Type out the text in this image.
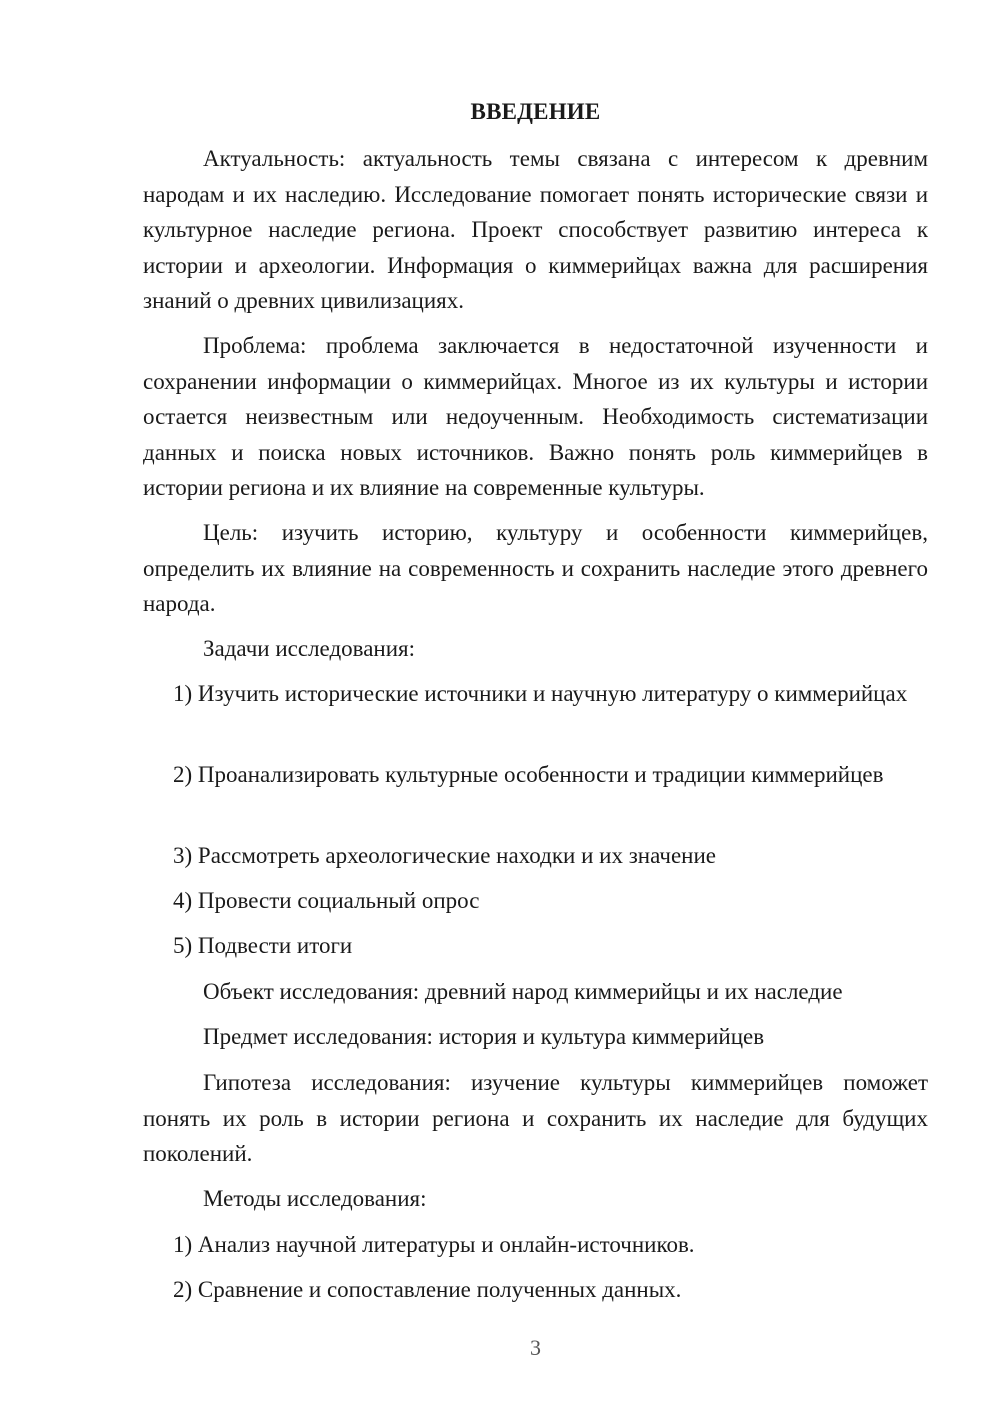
ВВЕДЕНИЕ

Актуальность: актуальность темы связана с интересом к древним народам и их наследию. Исследование помогает понять исторические связи и культурное наследие региона. Проект способствует развитию интереса к истории и археологии. Информация о киммерийцах важна для расширения знаний о древних цивилизациях.

Проблема: проблема заключается в недостаточной изученности и сохранении информации о киммерийцах. Многое из их культуры и истории остается неизвестным или недоученным. Необходимость систематизации данных и поиска новых источников. Важно понять роль киммерийцев в истории региона и их влияние на современные культуры.

Цель: изучить историю, культуру и особенности киммерийцев, определить их влияние на современность и сохранить наследие этого древнего народа.

Задачи исследования:

1) Изучить исторические источники и научную литературу о киммерийцах

2) Проанализировать культурные особенности и традиции киммерийцев

3) Рассмотреть археологические находки и их значение

4) Провести социальный опрос

5) Подвести итоги

Объект исследования: древний народ киммерийцы и их наследие

Предмет исследования: история и культура киммерийцев

Гипотеза исследования: изучение культуры киммерийцев поможет понять их роль в истории региона и сохранить их наследие для будущих поколений.

Методы исследования:

1) Анализ научной литературы и онлайн-источников.

2) Сравнение и сопоставление полученных данных.

3
